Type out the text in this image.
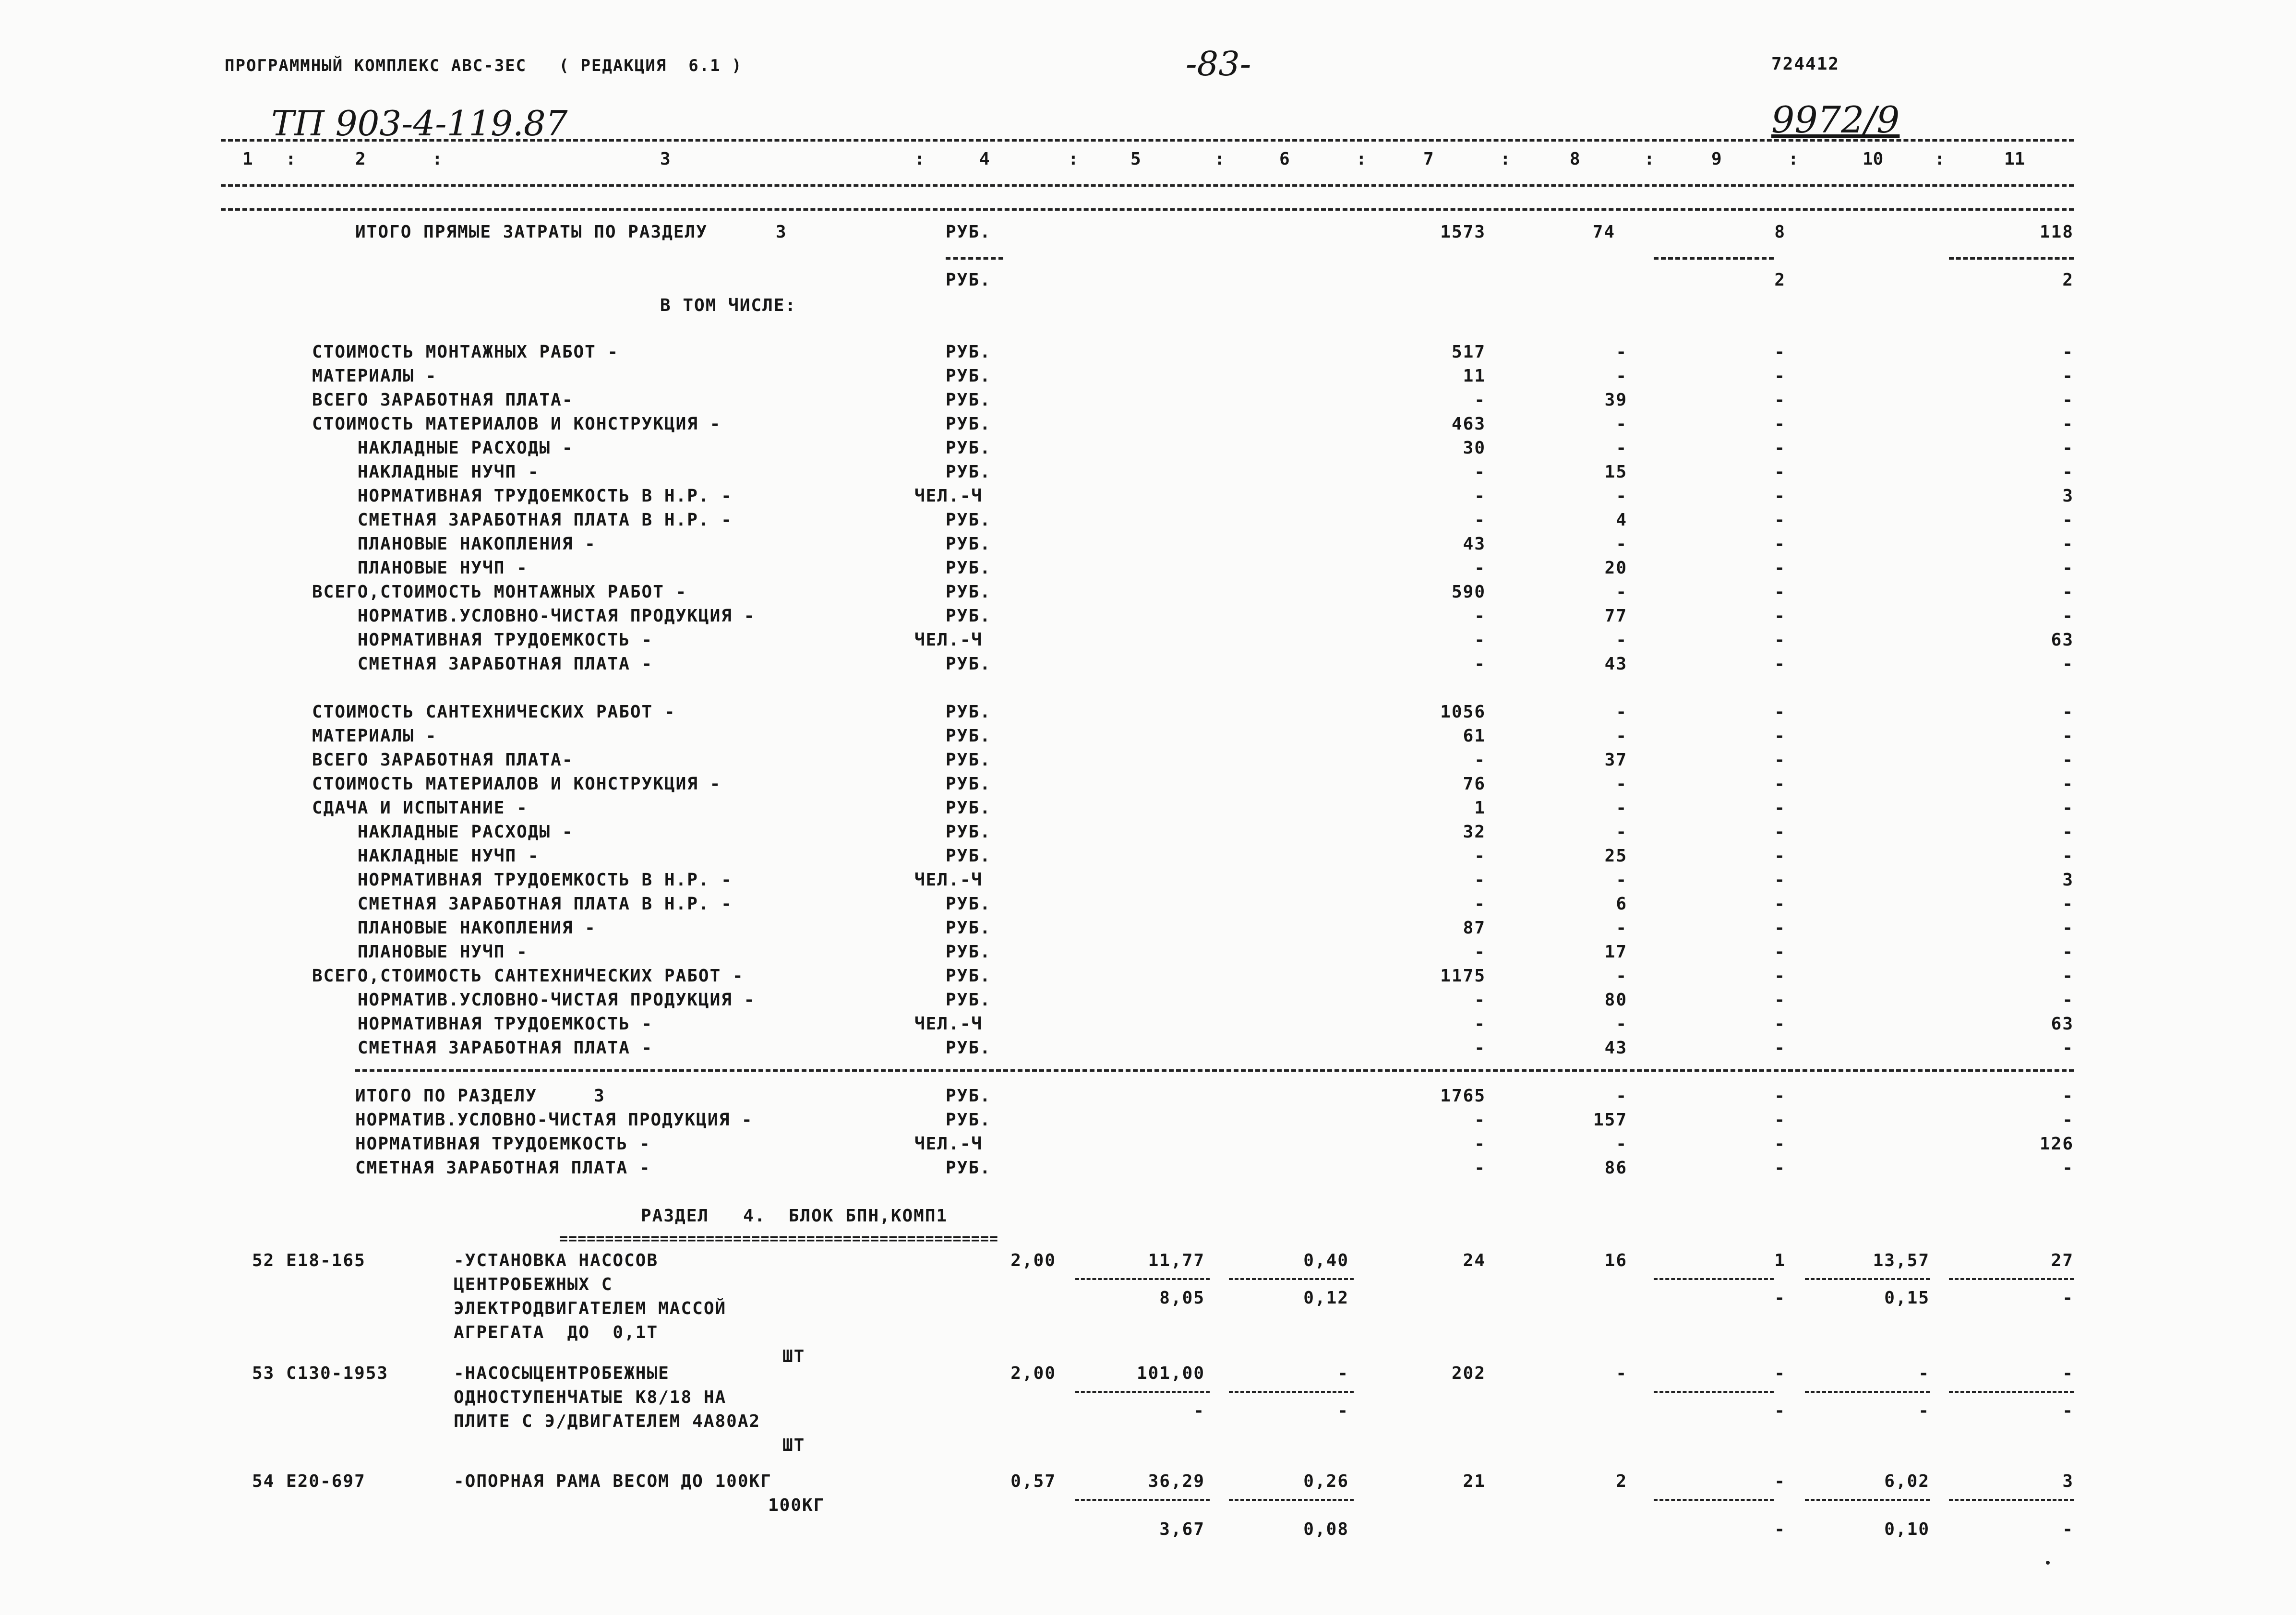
ПРОГРАММНЫЙ КОМПЛЕКС АВС-ЗЕС   ( РЕДАКЦИЯ  6.1 )	-83-	724412
ТП 903-4-119.87	9972/9
1	2	3	4	5	6	7	8	9	10	11
:	:	:	:	:	:	:	:	:	:
ИТОГО ПРЯМЫЕ ЗАТРАТЫ ПО РАЗДЕЛУ      3	РУБ.	1573	74	8	118
РУБ.	2	2
В ТОМ ЧИСЛЕ:
СТОИМОСТЬ МОНТАЖНЫХ РАБОТ -	РУБ.	517	-	-	-
МАТЕРИАЛЫ -	РУБ.	11	-	-	-
ВСЕГО ЗАРАБОТНАЯ ПЛАТА-	РУБ.	-	39	-	-
СТОИМОСТЬ МАТЕРИАЛОВ И КОНСТРУКЦИЯ -	РУБ.	463	-	-	-
НАКЛАДНЫЕ РАСХОДЫ -	РУБ.	30	-	-	-
НАКЛАДНЫЕ НУЧП -	РУБ.	-	15	-	-
НОРМАТИВНАЯ ТРУДОЕМКОСТЬ В Н.Р. -	ЧЕЛ.-Ч	-	-	-	3
СМЕТНАЯ ЗАРАБОТНАЯ ПЛАТА В Н.Р. -	РУБ.	-	4	-	-
ПЛАНОВЫЕ НАКОПЛЕНИЯ -	РУБ.	43	-	-	-
ПЛАНОВЫЕ НУЧП -	РУБ.	-	20	-	-
ВСЕГО,СТОИМОСТЬ МОНТАЖНЫХ РАБОТ -	РУБ.	590	-	-	-
НОРМАТИВ.УСЛОВНО-ЧИСТАЯ ПРОДУКЦИЯ -	РУБ.	-	77	-	-
НОРМАТИВНАЯ ТРУДОЕМКОСТЬ -	ЧЕЛ.-Ч	-	-	-	63
СМЕТНАЯ ЗАРАБОТНАЯ ПЛАТА -	РУБ.	-	43	-	-
СТОИМОСТЬ САНТЕХНИЧЕСКИХ РАБОТ -	РУБ.	1056	-	-	-
МАТЕРИАЛЫ -	РУБ.	61	-	-	-
ВСЕГО ЗАРАБОТНАЯ ПЛАТА-	РУБ.	-	37	-	-
СТОИМОСТЬ МАТЕРИАЛОВ И КОНСТРУКЦИЯ -	РУБ.	76	-	-	-
СДАЧА И ИСПЫТАНИЕ -	РУБ.	1	-	-	-
НАКЛАДНЫЕ РАСХОДЫ -	РУБ.	32	-	-	-
НАКЛАДНЫЕ НУЧП -	РУБ.	-	25	-	-
НОРМАТИВНАЯ ТРУДОЕМКОСТЬ В Н.Р. -	ЧЕЛ.-Ч	-	-	-	3
СМЕТНАЯ ЗАРАБОТНАЯ ПЛАТА В Н.Р. -	РУБ.	-	6	-	-
ПЛАНОВЫЕ НАКОПЛЕНИЯ -	РУБ.	87	-	-	-
ПЛАНОВЫЕ НУЧП -	РУБ.	-	17	-	-
ВСЕГО,СТОИМОСТЬ САНТЕХНИЧЕСКИХ РАБОТ -	РУБ.	1175	-	-	-
НОРМАТИВ.УСЛОВНО-ЧИСТАЯ ПРОДУКЦИЯ -	РУБ.	-	80	-	-
НОРМАТИВНАЯ ТРУДОЕМКОСТЬ -	ЧЕЛ.-Ч	-	-	-	63
СМЕТНАЯ ЗАРАБОТНАЯ ПЛАТА -	РУБ.	-	43	-	-
ИТОГО ПО РАЗДЕЛУ     3	РУБ.	1765	-	-	-
НОРМАТИВ.УСЛОВНО-ЧИСТАЯ ПРОДУКЦИЯ -	РУБ.	-	157	-	-
НОРМАТИВНАЯ ТРУДОЕМКОСТЬ -	ЧЕЛ.-Ч	-	-	-	126
СМЕТНАЯ ЗАРАБОТНАЯ ПЛАТА -	РУБ.	-	86	-	-
РАЗДЕЛ   4.  БЛОК БПН,КОМП1
================================================
52 Е18-165	-УСТАНОВКА НАСОСОВ
ЦЕНТРОБЕЖНЫХ С
ЭЛЕКТРОДВИГАТЕЛЕМ МАССОЙ
АГРЕГАТА  ДО  0,1Т
ШТ
2,00	11,77	0,40	24	16	1	13,57	27
8,05	0,12	-	0,15	-
53 С130-1953	-НАСОСЫЦЕНТРОБЕЖНЫЕ
ОДНОСТУПЕНЧАТЫЕ К8/18 НА
ПЛИТЕ С Э/ДВИГАТЕЛЕМ 4А80А2
ШТ
2,00	101,00	-	202	-	-	-	-
-	-	-	-	-
54 Е20-697	-ОПОРНАЯ РАМА ВЕСОМ ДО 100КГ
100КГ
0,57	36,29	0,26	21	2	-	6,02	3
3,67	0,08	-	0,10	-
